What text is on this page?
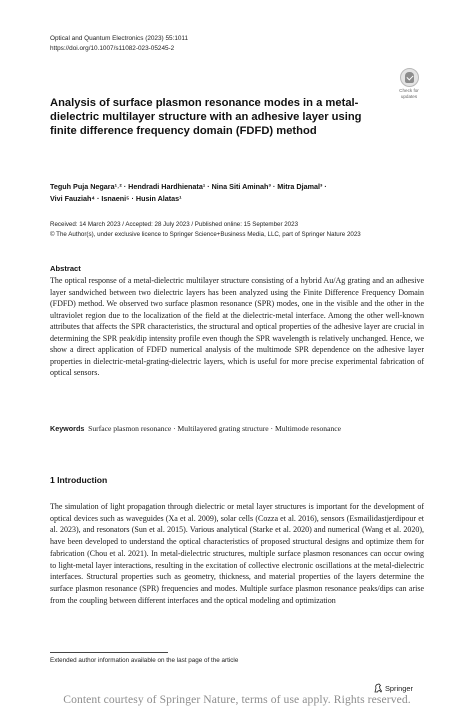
Optical and Quantum Electronics (2023) 55:1011
https://doi.org/10.1007/s11082-023-05245-2
Check for
updates
Analysis of surface plasmon resonance modes in a metal-dielectric multilayer structure with an adhesive layer using finite difference frequency domain (FDFD) method
Teguh Puja Negara¹˒² · Hendradi Hardhienata¹ · Nina Siti Aminah³ · Mitra Djamal³ ·
Vivi Fauziah⁴ · Isnaeni⁵ · Husin Alatas¹
Received: 14 March 2023 / Accepted: 28 July 2023 / Published online: 15 September 2023
© The Author(s), under exclusive licence to Springer Science+Business Media, LLC, part of Springer Nature 2023
Abstract
The optical response of a metal-dielectric multilayer structure consisting of a hybrid Au/Ag grating and an adhesive layer sandwiched between two dielectric layers has been analyzed using the Finite Difference Frequency Domain (FDFD) method. We observed two surface plasmon resonance (SPR) modes, one in the visible and the other in the ultraviolet region due to the localization of the field at the dielectric-metal interface. Among the other well-known attributes that affects the SPR characteristics, the structural and optical properties of the adhesive layer are crucial in determining the SPR peak/dip intensity profile even though the SPR wavelength is relatively unchanged. Hence, we show a direct application of FDFD numerical analysis of the multimode SPR dependence on the adhesive layer properties in dielectric-metal-grating-dielectric layers, which is useful for more precise experimental fabrication of optical sensors.
Keywords Surface plasmon resonance · Multilayered grating structure · Multimode resonance
1 Introduction
The simulation of light propagation through dielectric or metal layer structures is important for the development of optical devices such as waveguides (Xa et al. 2009), solar cells (Cozza et al. 2016), sensors (Esmailidastjerdipour et al. 2023), and resonators (Sun et al. 2015). Various analytical (Starke et al. 2020) and numerical (Wang et al. 2020), have been developed to understand the optical characteristics of proposed structural designs and optimize them for fabrication (Chou et al. 2021). In metal-dielectric structures, multiple surface plasmon resonances can occur owing to light-metal layer interactions, resulting in the excitation of collective electronic oscillations at the metal-dielectric interfaces. Structural properties such as geometry, thickness, and material properties of the layers determine the surface plasmon resonance (SPR) frequencies and modes. Multiple surface plasmon resonance peaks/dips can arise from the coupling between different interfaces and the optical modeling and optimization
Extended author information available on the last page of the article
Springer
Content courtesy of Springer Nature, terms of use apply. Rights reserved.
